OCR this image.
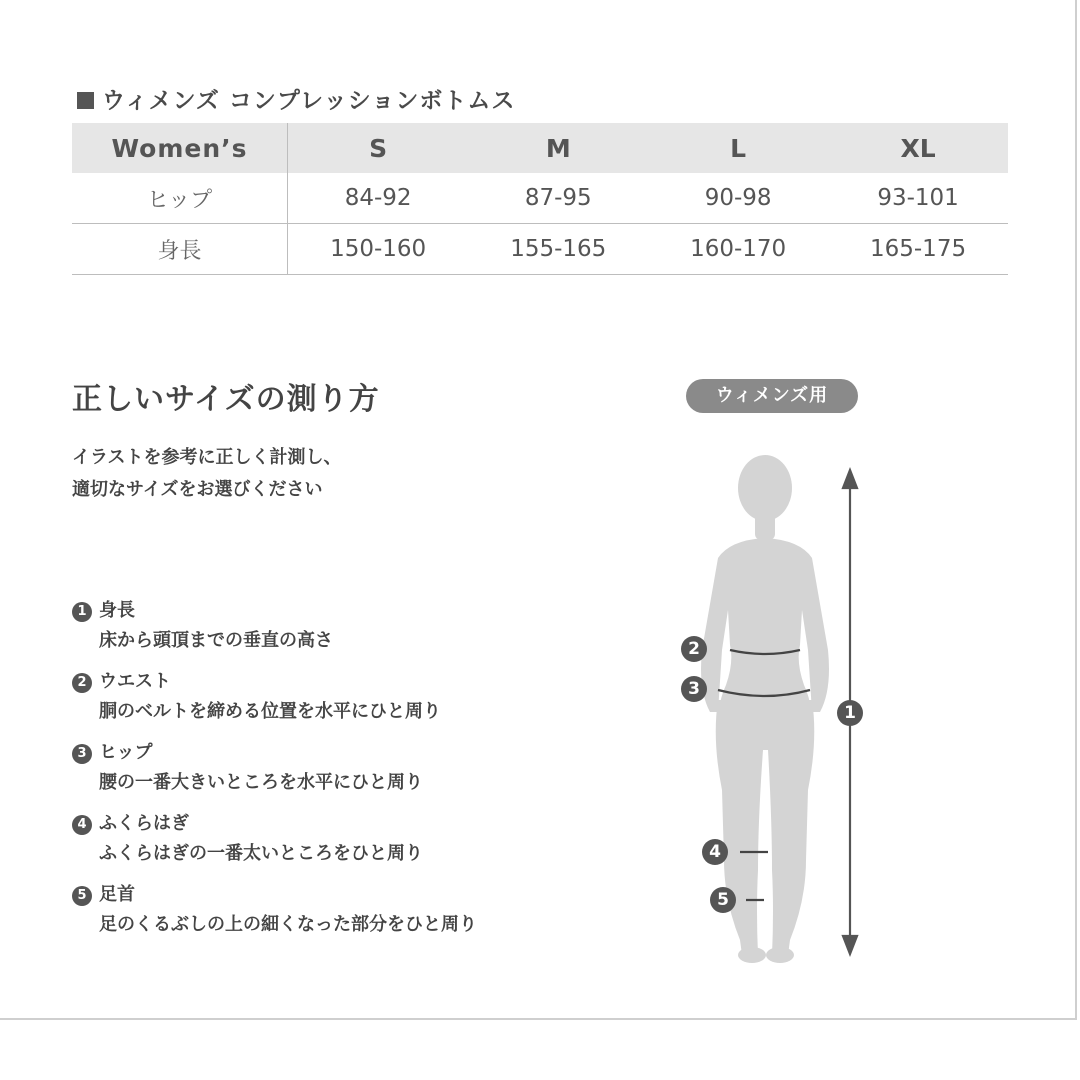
ウィメンズ コンプレッションボトムス
Women’s	S	M	L	XL
ヒップ	84-92	87-95	90-98	93-101
身長	150-160	155-165	160-170	165-175
正しいサイズの測り方
イラストを参考に正しく計測し、
適切なサイズをお選びください
ウィメンズ用
1 身長
床から頭頂までの垂直の高さ
2 ウエスト
胴のベルトを締める位置を水平にひと周り
3 ヒップ
腰の一番大きいところを水平にひと周り
4 ふくらはぎ
ふくらはぎの一番太いところをひと周り
5 足首
足のくるぶしの上の細くなった部分をひと周り
2
3
1
4
5
